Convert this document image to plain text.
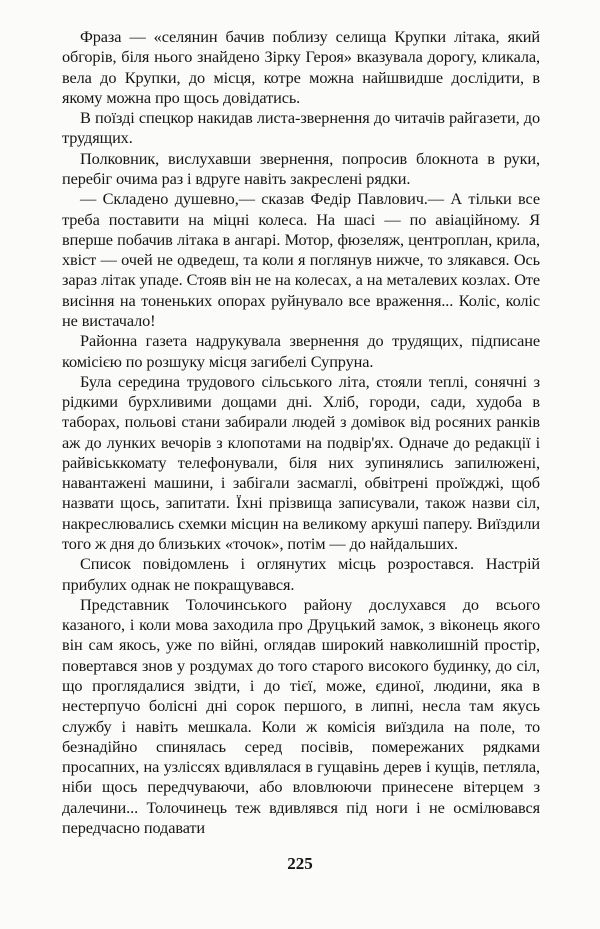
Фраза — «селянин бачив поблизу селища Крупки літака, який обгорів, біля нього знайдено Зірку Героя» вказувала дорогу, кликала, вела до Крупки, до місця, котре можна найшвидше дослідити, в якому можна про щось довідатись.

В поїзді спецкор накидав листа-звернення до читачів райгазети, до трудящих.

Полковник, вислухавши звернення, попросив блокнота в руки, перебіг очима раз і вдруге навіть закреслені рядки.

— Складено душевно,— сказав Федір Павлович.— А тільки все треба поставити на міцні колеса. На шасі — по авіаційному. Я вперше побачив літака в ангарі. Мотор, фюзеляж, центроплан, крила, хвіст — очей не одведеш, та коли я поглянув нижче, то злякався. Ось зараз літак упаде. Стояв він не на колесах, а на металевих козлах. Оте висіння на тоненьких опорах руйнувало все враження... Коліс, коліс не вистачало!

Районна газета надрукувала звернення до трудящих, підписане комісією по розшуку місця загибелі Супруна.

Була середина трудового сільського літа, стояли теплі, сонячні з рідкими бурхливими дощами дні. Хліб, городи, сади, худоба в таборах, польові стани забирали людей з домівок від росяних ранків аж до лунких вечорів з клопотами на подвір'ях. Одначе до редакції і райвіськкомату телефонували, біля них зупинялись запилюжені, навантажені машини, і забігали засмаглі, обвітрені проїжджі, щоб назвати щось, запитати. Їхні прізвища записували, також назви сіл, накреслювались схемки місцин на великому аркуші паперу. Виїздили того ж дня до близьких «точок», потім — до найдальших.

Список повідомлень і оглянутих місць розростався. Настрій прибулих однак не покращувався.

Представник Толочинського району дослухався до всього казаного, і коли мова заходила про Друцький замок, з віконець якого він сам якось, уже по війні, оглядав широкий навколишній простір, повертався знов у роздумах до того старого високого будинку, до сіл, що проглядалися звідти, і до тієї, може, єдиної, людини, яка в нестерпучо болісні дні сорок першого, в липні, несла там якусь службу і навіть мешкала. Коли ж комісія виїздила на поле, то безнадійно спинялась серед посівів, померeжаних рядками просапних, на узліссях вдивлялася в гущавінь дерев і кущів, петляла, ніби щось передчуваючи, або вловлюючи принесене вітерцем з далечини... Толочинець теж вдивлявся під ноги і не осмілювався передчасно подавати

225
